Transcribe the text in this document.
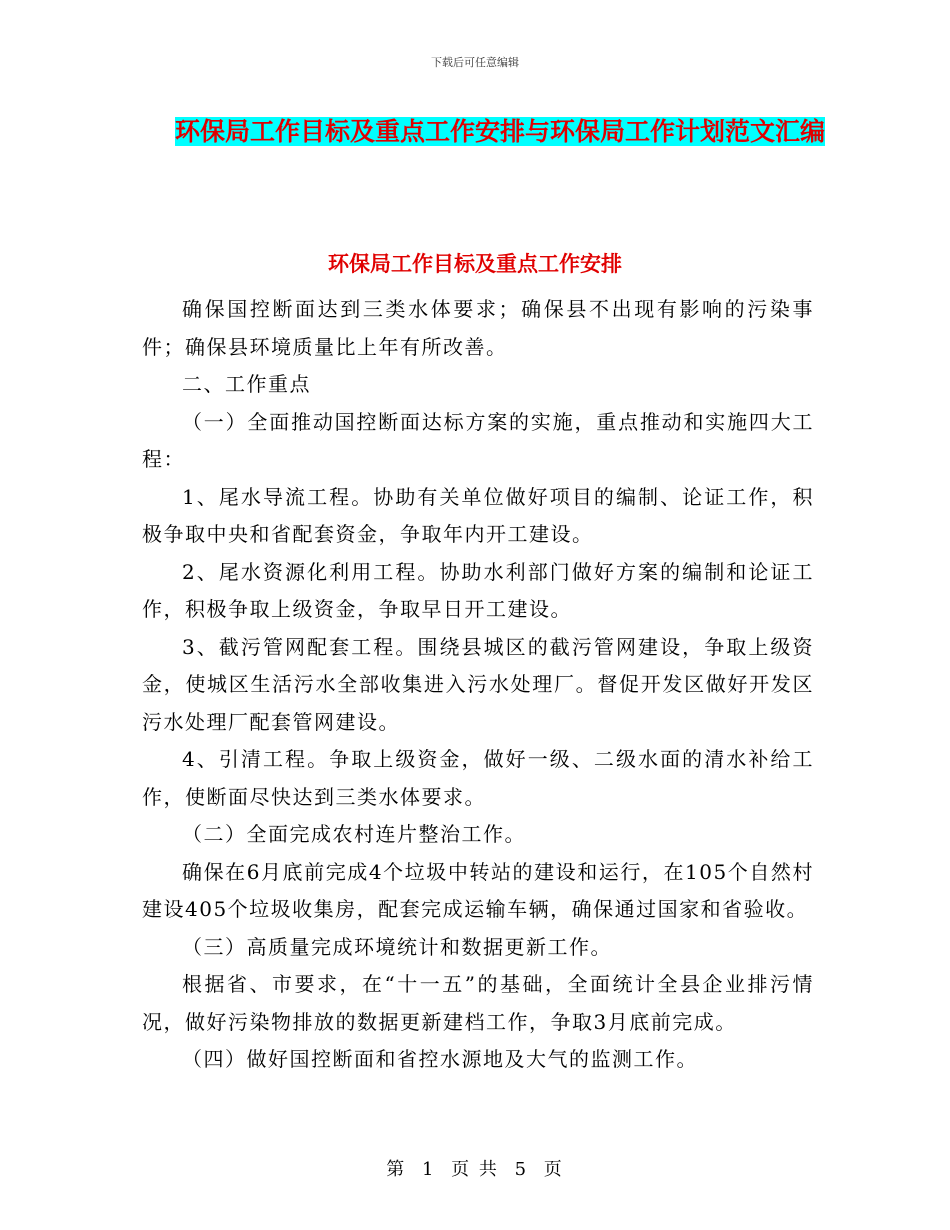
下载后可任意编辑
环保局工作目标及重点工作安排与环保局工作计划范文汇编
环保局工作目标及重点工作安排

确保国控断面达到三类水体要求；确保县不出现有影响的污染事件；确保县环境质量比上年有所改善。

二、工作重点

（一）全面推动国控断面达标方案的实施，重点推动和实施四大工程：

1、尾水导流工程。协助有关单位做好项目的编制、论证工作，积极争取中央和省配套资金，争取年内开工建设。

2、尾水资源化利用工程。协助水利部门做好方案的编制和论证工作，积极争取上级资金，争取早日开工建设。

3、截污管网配套工程。围绕县城区的截污管网建设，争取上级资金，使城区生活污水全部收集进入污水处理厂。督促开发区做好开发区污水处理厂配套管网建设。

4、引清工程。争取上级资金，做好一级、二级水面的清水补给工作，使断面尽快达到三类水体要求。

（二）全面完成农村连片整治工作。

确保在6月底前完成4个垃圾中转站的建设和运行，在105个自然村建设405个垃圾收集房，配套完成运输车辆，确保通过国家和省验收。

（三）高质量完成环境统计和数据更新工作。

根据省、市要求，在“十一五”的基础，全面统计全县企业排污情况，做好污染物排放的数据更新建档工作，争取3月底前完成。

（四）做好国控断面和省控水源地及大气的监测工作。

第 1 页 共 5 页
